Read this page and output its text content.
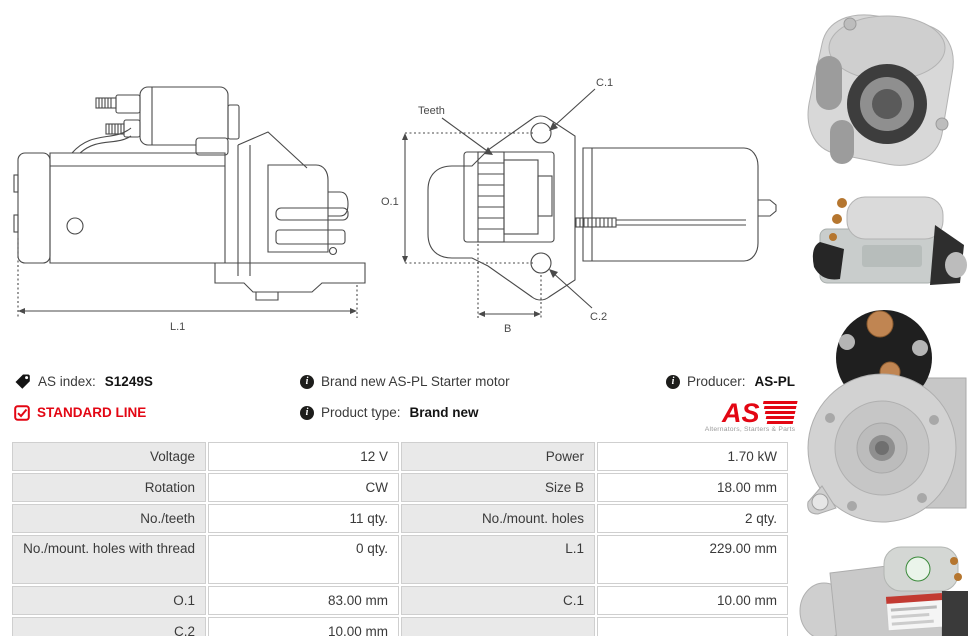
L.1
O.1
Teeth
C.1
C.2
B
AS index: S1249S
STANDARD LINE
i Brand new AS-PL Starter motor
i Product type: Brand new
i Producer: AS-PL
AS
Alternators, Starters & Parts
Voltage	12 V	Power	1.70 kW
Rotation	CW	Size B	18.00 mm
No./teeth	11 qty.	No./mount. holes	2 qty.
No./mount. holes with thread	0 qty.	L.1	229.00 mm
O.1	83.00 mm	C.1	10.00 mm
C.2	10.00 mm		
